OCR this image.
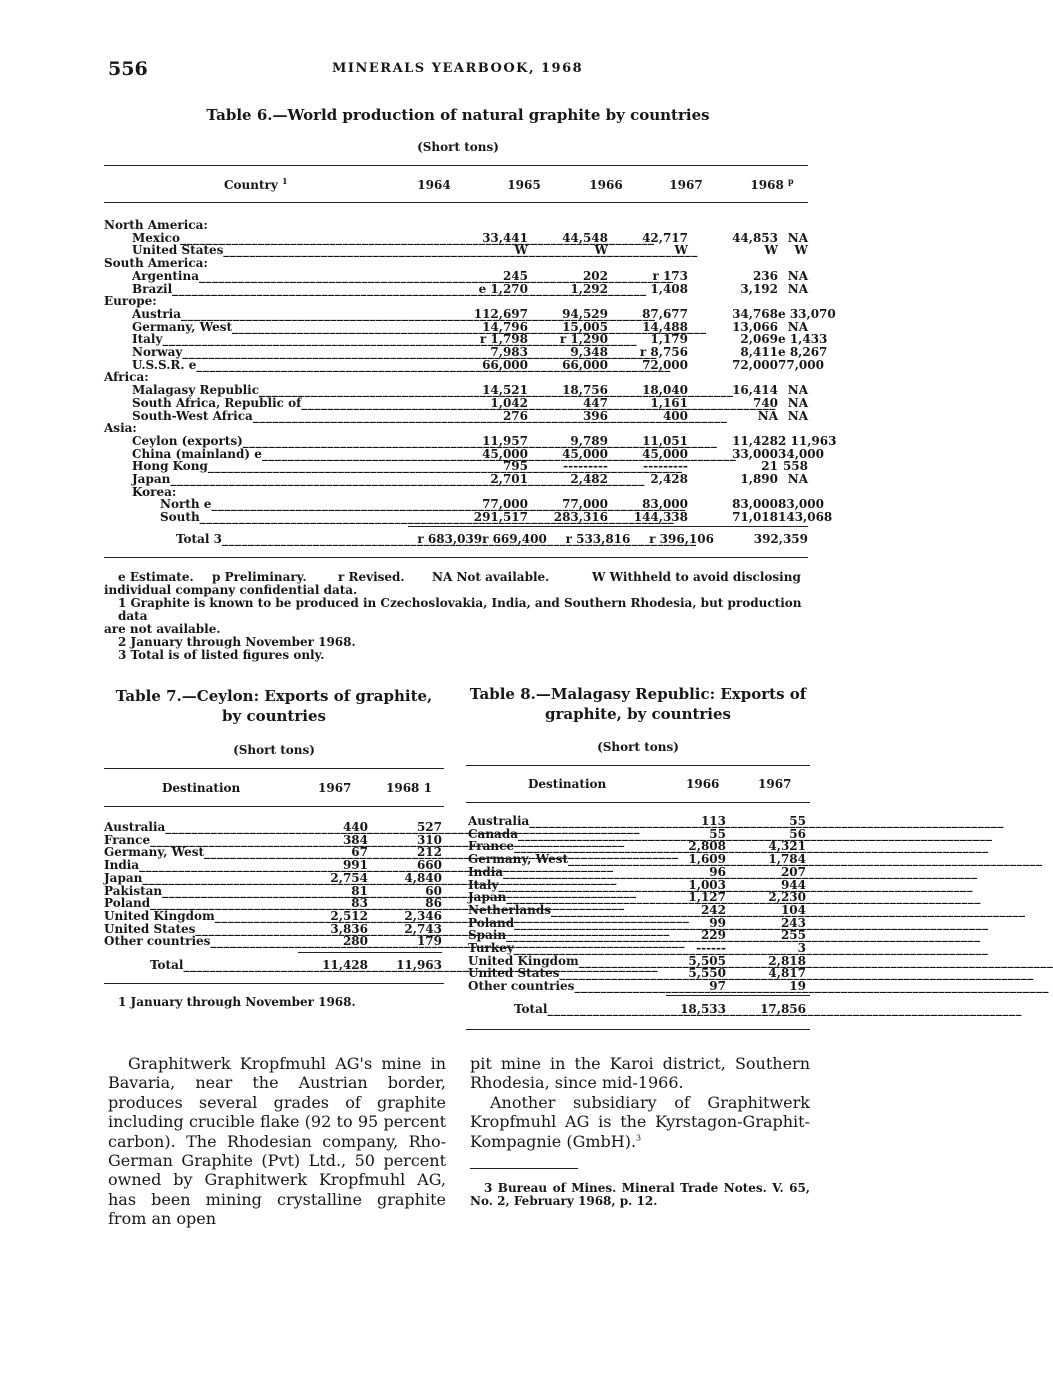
556	MINERALS YEARBOOK, 1968
Table 6.—World production of natural graphite by countries
(Short tons)
Country $^1$	1964	1965	1966	1967	1968 $^p$
North America:					
Mexico _____	33,441	44,548	42,717	44,853	NA
United States _____	W	W	W	W	W
South America:					
Argentina _____	245	202	r 173	236	NA
Brazil _____	e 1,270	1,292	1,408	3,192	NA
Europe:					
Austria _____	112,697	94,529	87,677	34,768	e 33,070
Germany, West _____	14,796	15,005	14,488	13,066	NA
Italy _____	r 1,798	r 1,290	1,179	2,069	e 1,433
Norway _____	7,983	9,348	r 8,756	8,411	e 8,267
U.S.S.R. e _____	66,000	66,000	72,000	72,000	77,000
Africa:					
Malagasy Republic _____	14,521	18,756	18,040	16,414	NA
South Africa, Republic of _____	1,042	447	1,161	740	NA
South-West Africa _____	276	396	400	NA	NA
Asia:					
Ceylon (exports) _____	11,957	9,789	11,051	11,428	2 11,963
China (mainland) e _____	45,000	45,000	45,000	33,000	34,000
Hong Kong _____	795	---------	---------	21	558
Japan _____	2,701	2,482	2,428	1,890	NA
Korea:					
North e _____	77,000	77,000	83,000	83,000	83,000
South _____	291,517	283,316	144,338	71,018	143,068
Total 3 _____	r 683,039	r 669,400	r 533,816	r 396,106	392,359
e Estimate. p Preliminary.	r Revised. NA Not available.	W Withheld to avoid disclosing
individual company confidential data.
1 Graphite is known to be produced in Czechoslovakia, India, and Southern Rhodesia, but production data
are not available.
2 January through November 1968.
3 Total is of listed figures only.
Table 7.—Ceylon: Exports of graphite,
by countries
(Short tons)
Destination	1967	1968 1
Australia _____	440	527
France _____	384	310
Germany, West _____	67	212
India _____	991	660
Japan _____	2,754	4,840
Pakistan _____	81	60
Poland _____	83	86
United Kingdom _____	2,512	2,346
United States _____	3,836	2,743
Other countries _____	280	179
Total _____	11,428	11,963
1 January through November 1968.
Table 8.—Malagasy Republic: Exports of
graphite, by countries
(Short tons)
Destination	1966	1967
Australia _____	113	55
Canada _____	55	56
France _____	2,808	4,321
Germany, West _____	1,609	1,784
India _____	96	207
Italy _____	1,003	944
Japan _____	1,127	2,230
Netherlands _____	242	104
Poland _____	99	243
Spain _____	229	255
Turkey _____	------	3
United Kingdom _____	5,505	2,818
United States _____	5,550	4,817
Other countries _____	97	19
Total _____	18,533	17,856

Graphitwerk Kropfmuhl AG's mine in Bavaria, near the Austrian border, produces several grades of graphite including crucible flake (92 to 95 percent carbon). The Rhodesian company, Rho-German Graphite (Pvt) Ltd., 50 percent owned by Graphitwerk Kropfmuhl AG, has been mining crystalline graphite from an open

pit mine in the Karoi district, Southern Rhodesia, since mid-1966.

Another subsidiary of Graphitwerk Kropfmuhl AG is the Kyrstagon-Graphit-Kompagnie (GmbH).$^3$

3 Bureau of Mines. Mineral Trade Notes. V. 65, No. 2, February 1968, p. 12.
